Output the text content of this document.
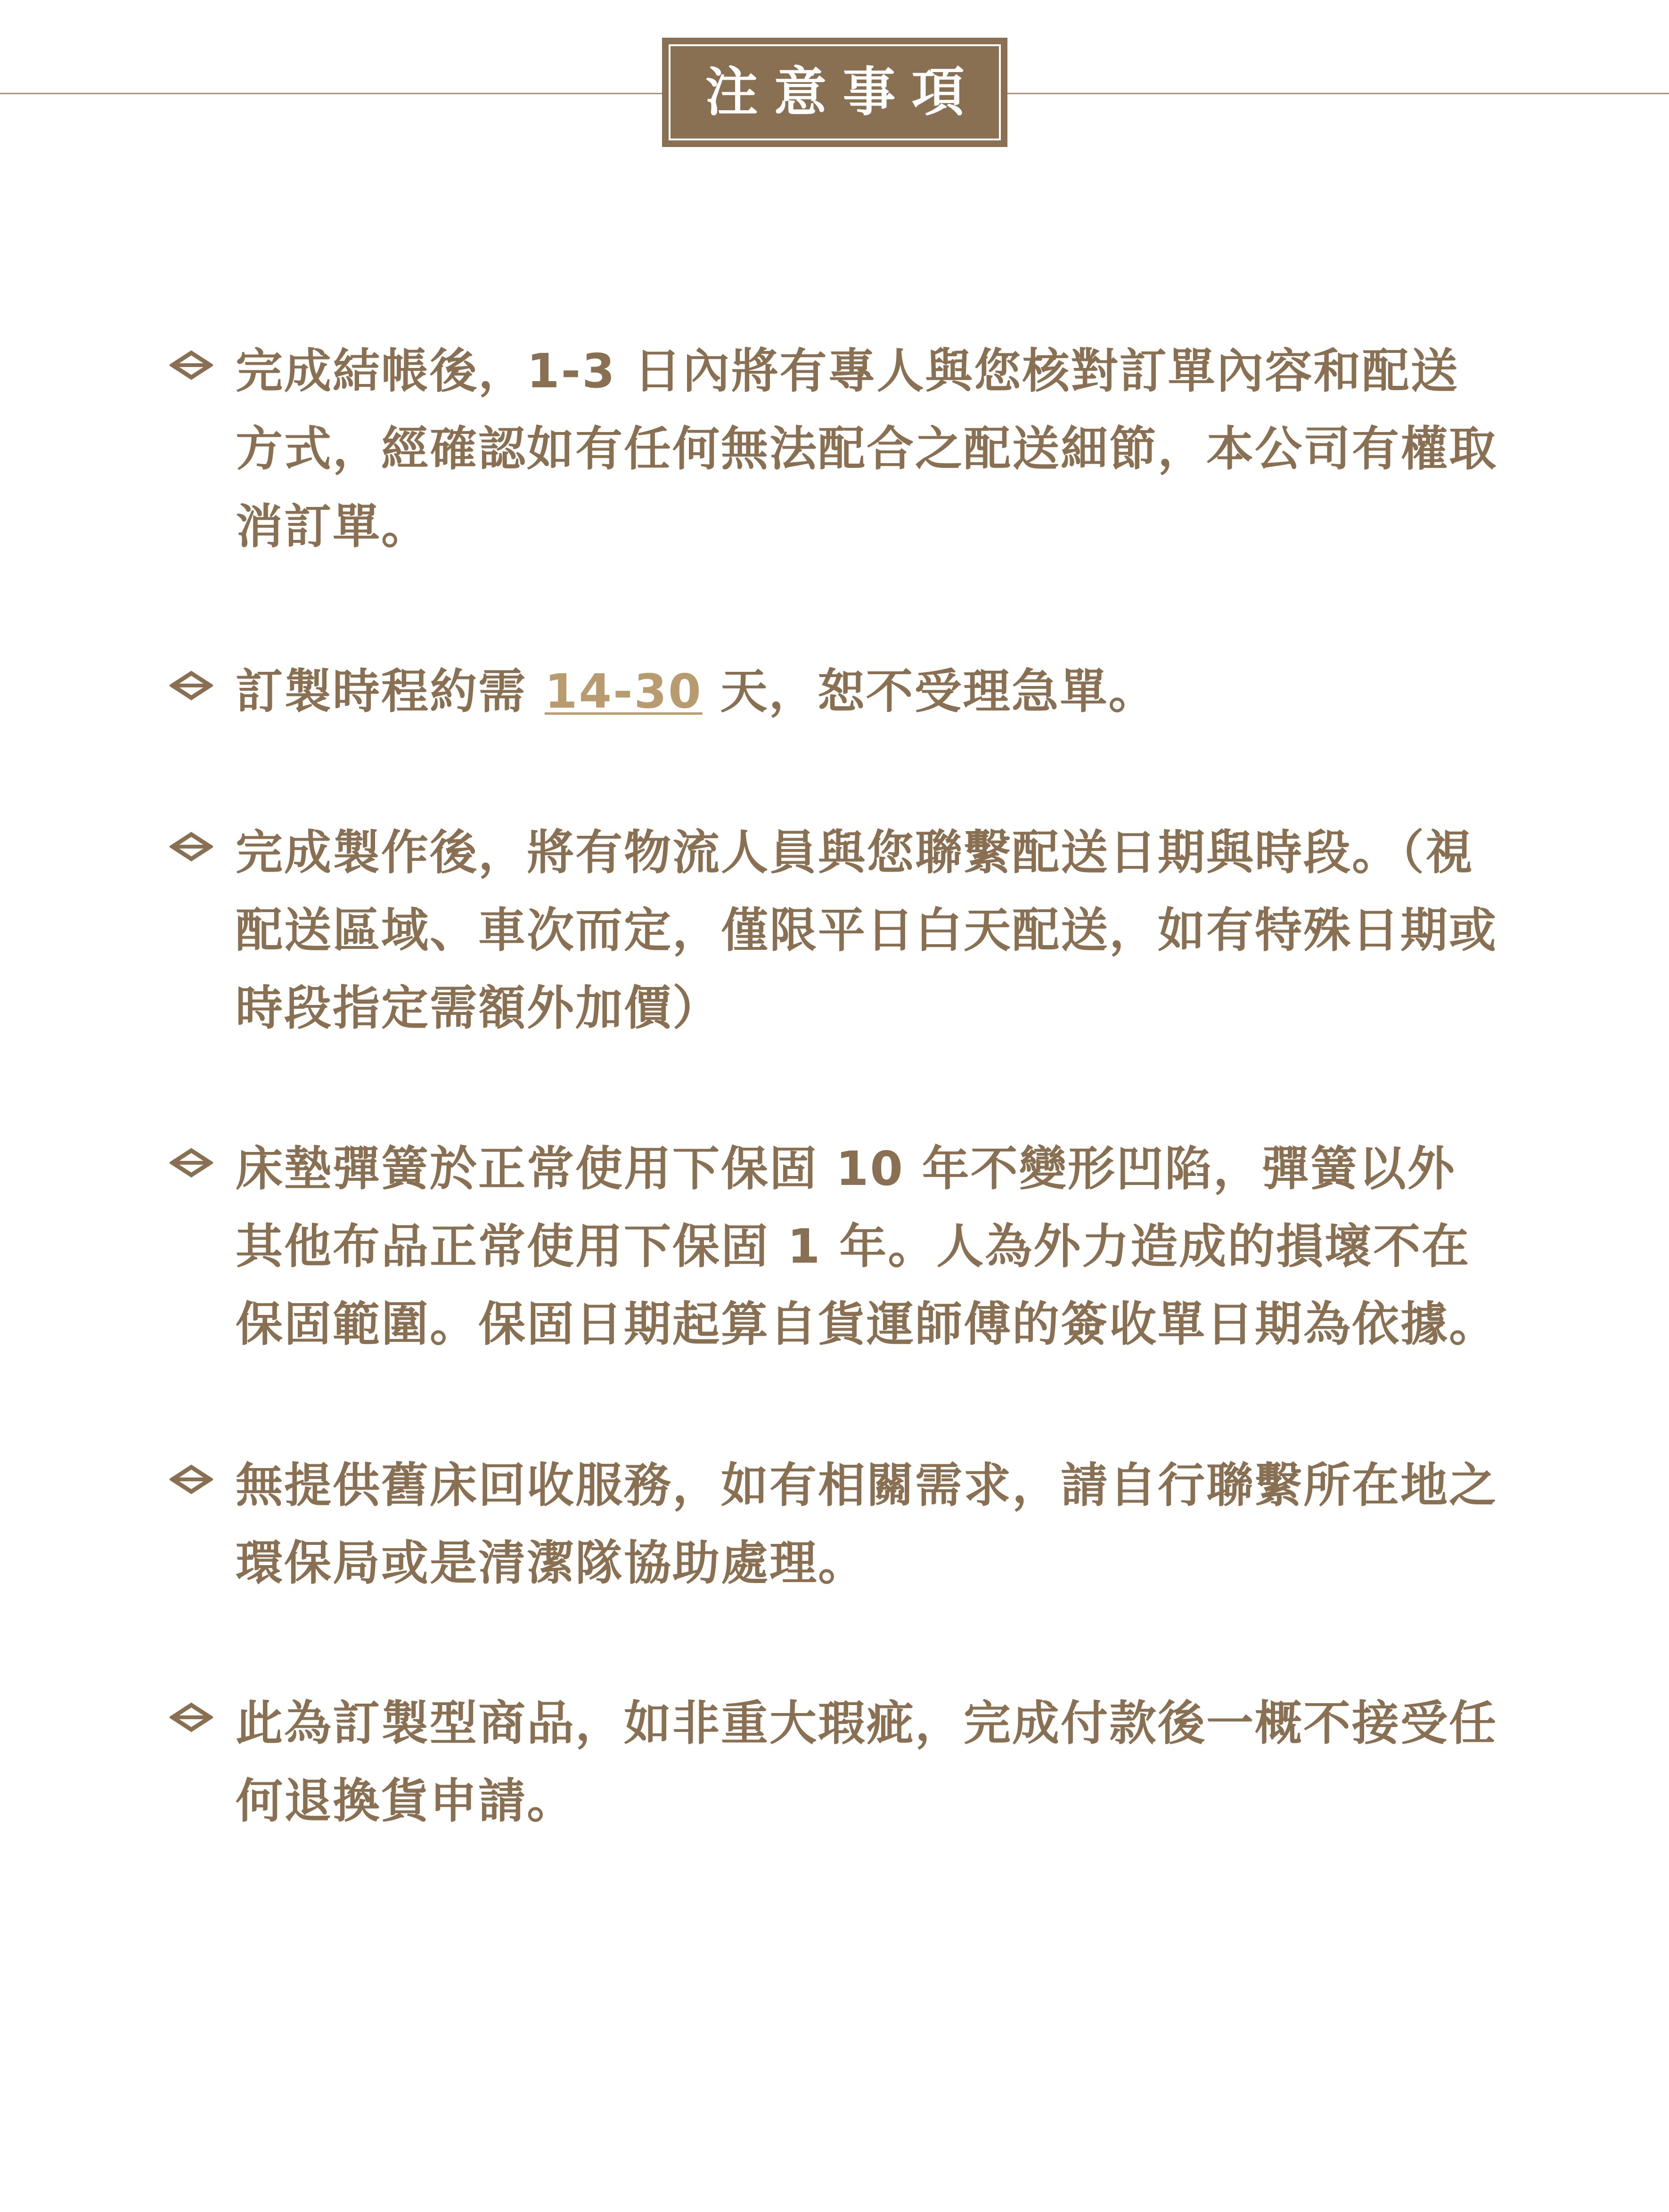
注意事項
完成結帳後，1-3 日內將有專人與您核對訂單內容和配送方式，經確認如有任何無法配合之配送細節，本公司有權取消訂單。
訂製時程約需 14-30 天，恕不受理急單。
完成製作後，將有物流人員與您聯繫配送日期與時段。（視配送區域、車次而定，僅限平日白天配送，如有特殊日期或時段指定需額外加價）
床墊彈簧於正常使用下保固 10 年不變形凹陷，彈簧以外其他布品正常使用下保固 1 年。人為外力造成的損壞不在保固範圍。保固日期起算自貨運師傅的簽收單日期為依據。
無提供舊床回收服務，如有相關需求，請自行聯繫所在地之環保局或是清潔隊協助處理。
此為訂製型商品，如非重大瑕疵，完成付款後一概不接受任何退換貨申請。
